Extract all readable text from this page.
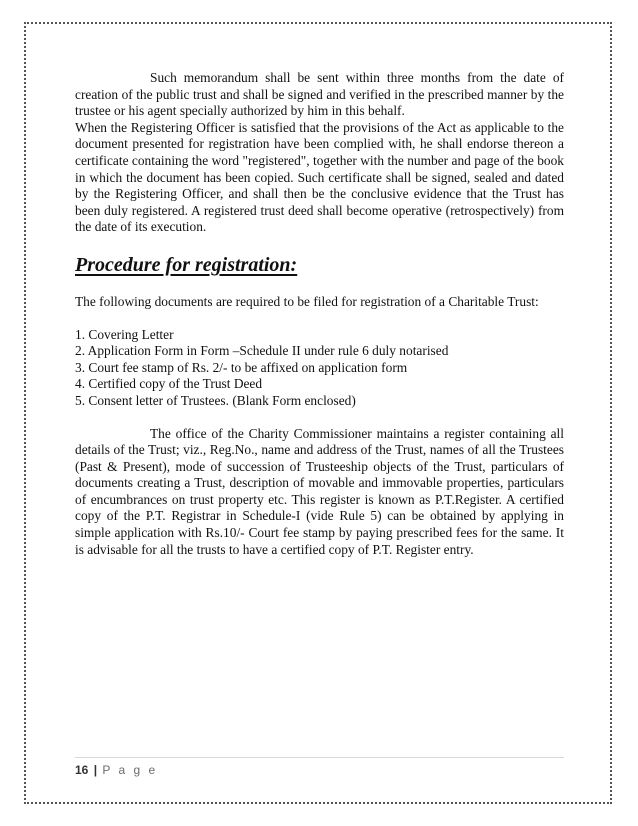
Such memorandum shall be sent within three months from the date of creation of the public trust and shall be signed and verified in the prescribed manner by the trustee or his agent specially authorized by him in this behalf.

When the Registering Officer is satisfied that the provisions of the Act as applicable to the document presented for registration have been complied with, he shall endorse thereon a certificate containing the word "registered", together with the number and page of the book in which the document has been copied. Such certificate shall be signed, sealed and dated by the Registering Officer, and shall then be the conclusive evidence that the Trust has been duly registered. A registered trust deed shall become operative (retrospectively) from the date of its execution.

Procedure for registration:

The following documents are required to be filed for registration of a Charitable Trust:

1. Covering Letter

2. Application Form in Form –Schedule II under rule 6 duly notarised

3. Court fee stamp of Rs. 2/- to be affixed on application form

4. Certified copy of the Trust Deed

5. Consent letter of Trustees. (Blank Form enclosed)

The office of the Charity Commissioner maintains a register containing all details of the Trust; viz., Reg.No., name and address of the Trust, names of all the Trustees (Past & Present), mode of succession of Trusteeship objects of the Trust, particulars of documents creating a Trust, description of movable and immovable properties, particulars of encumbrances on trust property etc. This register is known as P.T.Register. A certified copy of the P.T. Registrar in Schedule-I (vide Rule 5) can be obtained by applying in simple application with Rs.10/- Court fee stamp by paying prescribed fees for the same. It is advisable for all the trusts to have a certified copy of P.T. Register entry.

16 | P a g e
